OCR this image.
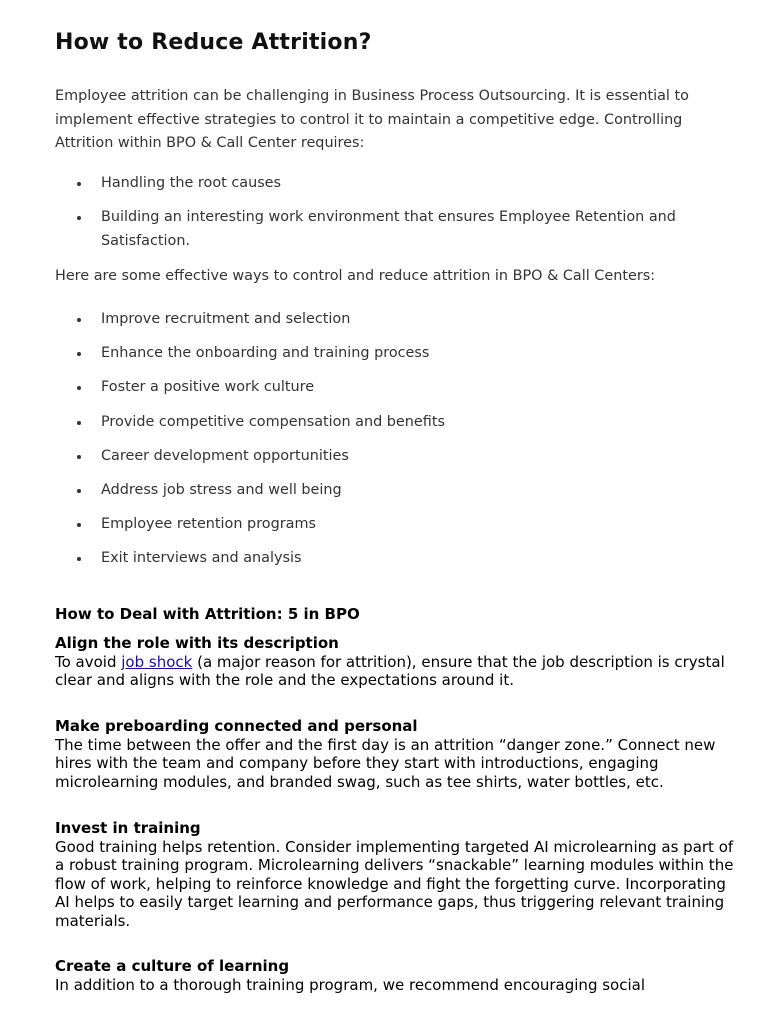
How to Reduce Attrition?

Employee attrition can be challenging in Business Process Outsourcing. It is essential to implement effective strategies to control it to maintain a competitive edge. Controlling Attrition within BPO & Call Center requires:

Handling the root causes
Building an interesting work environment that ensures Employee Retention and Satisfaction.

Here are some effective ways to control and reduce attrition in BPO & Call Centers:

Improve recruitment and selection
Enhance the onboarding and training process
Foster a positive work culture
Provide competitive compensation and benefits
Career development opportunities
Address job stress and well being
Employee retention programs
Exit interviews and analysis
How to Deal with Attrition: 5 in BPO
Align the role with its description

To avoid job shock (a major reason for attrition), ensure that the job description is crystal clear and aligns with the role and the expectations around it.

Make preboarding connected and personal

The time between the offer and the first day is an attrition “danger zone.” Connect new hires with the team and company before they start with introductions, engaging microlearning modules, and branded swag, such as tee shirts, water bottles, etc.

Invest in training

Good training helps retention. Consider implementing targeted AI microlearning as part of a robust training program. Microlearning delivers “snackable” learning modules within the flow of work, helping to reinforce knowledge and fight the forgetting curve. Incorporating AI helps to easily target learning and performance gaps, thus triggering relevant training materials.

Create a culture of learning

In addition to a thorough training program, we recommend encouraging social
